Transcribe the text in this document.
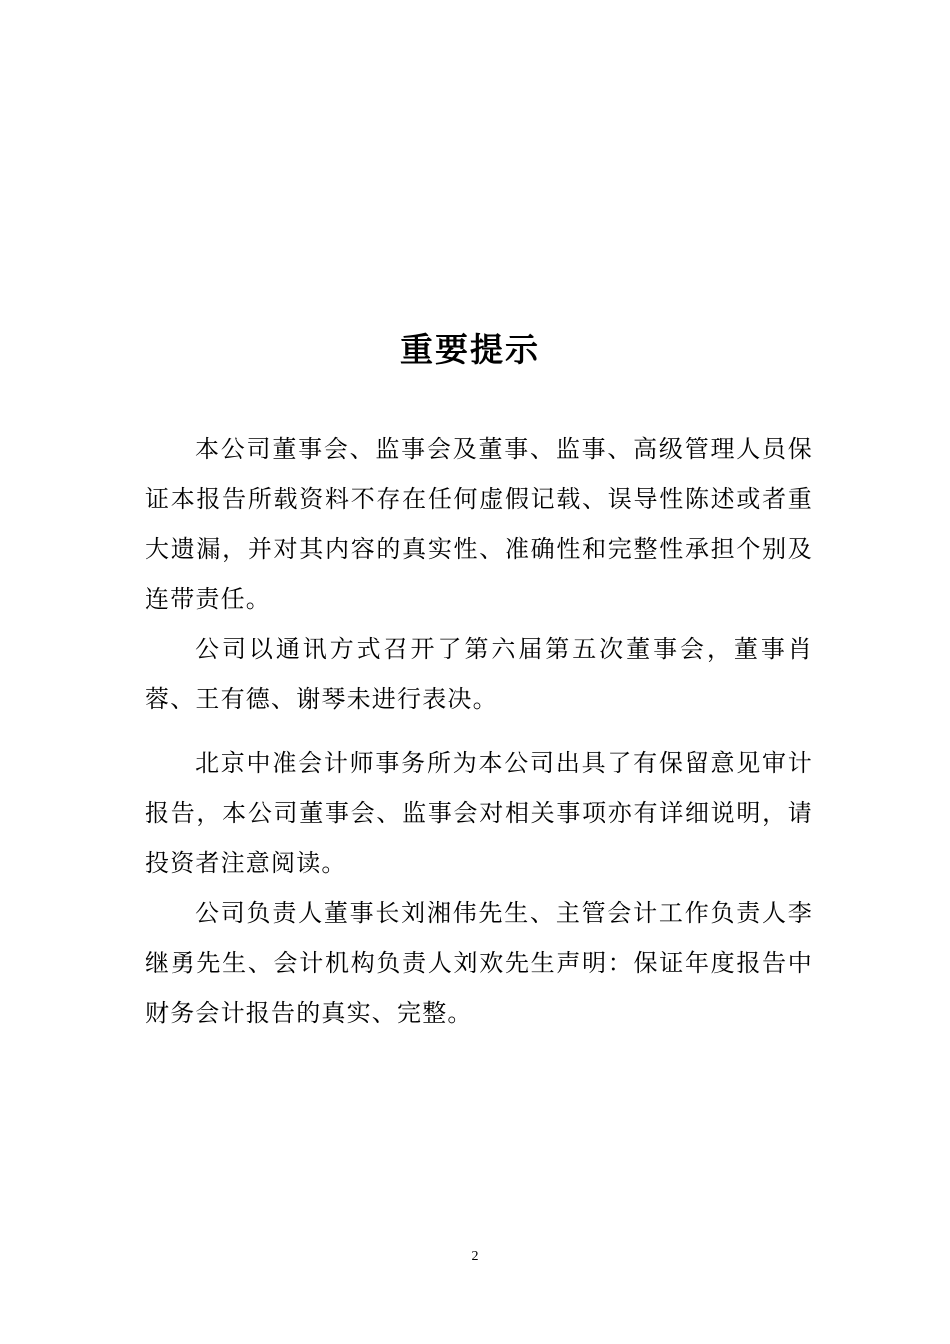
重要提示

本公司董事会、监事会及董事、监事、高级管理人员保证本报告所载资料不存在任何虚假记载、误导性陈述或者重大遗漏，并对其内容的真实性、准确性和完整性承担个别及连带责任。

公司以通讯方式召开了第六届第五次董事会，董事肖蓉、王有德、谢琴未进行表决。

北京中准会计师事务所为本公司出具了有保留意见审计报告，本公司董事会、监事会对相关事项亦有详细说明，请投资者注意阅读。

公司负责人董事长刘湘伟先生、主管会计工作负责人李继勇先生、会计机构负责人刘欢先生声明：保证年度报告中财务会计报告的真实、完整。

2
